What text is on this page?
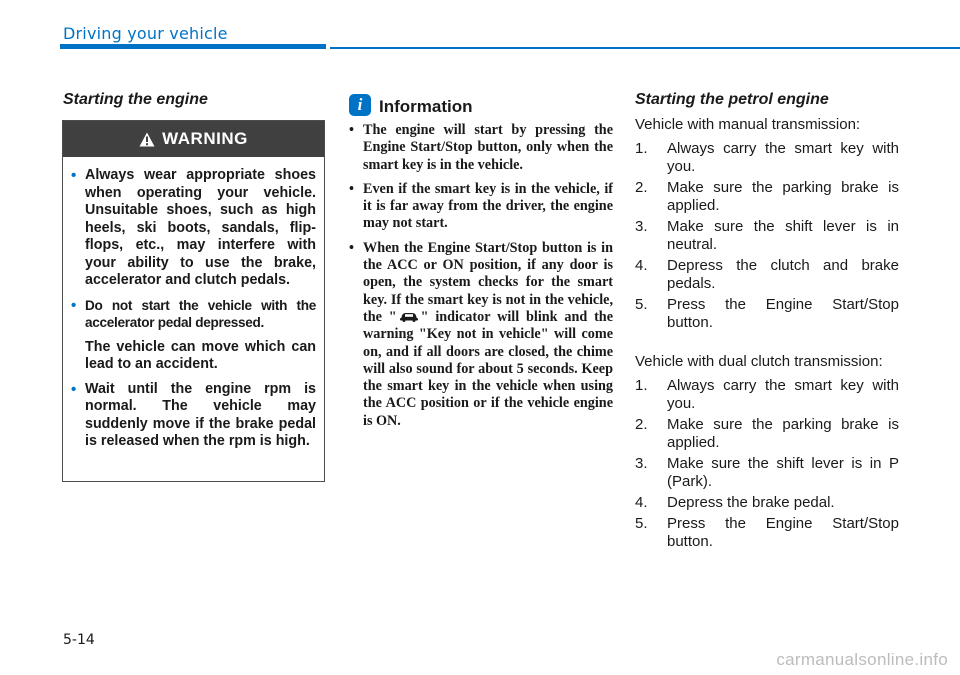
Driving your vehicle
Starting the engine
WARNING
• Always wear appropriate shoes when operating your vehicle. Unsuitable shoes, such as high heels, ski boots, sandals, flip-flops, etc., may interfere with your ability to use the brake, accelerator and clutch pedals.
• Do not start the vehicle with the accelerator pedal depressed.
The vehicle can move which can lead to an accident.
• Wait until the engine rpm is normal. The vehicle may suddenly move if the brake pedal is released when the rpm is high.
i Information
• The engine will start by pressing the Engine Start/Stop button, only when the smart key is in the vehicle.
• Even if the smart key is in the vehicle, if it is far away from the driver, the engine may not start.
• When the Engine Start/Stop button is in the ACC or ON position, if any door is open, the system checks for the smart key. If the smart key is not in the vehicle, the " " indicator will blink and the warning "Key not in vehicle" will come on, and if all doors are closed, the chime will also sound for about 5 seconds. Keep the smart key in the vehicle when using the ACC position or if the vehicle engine is ON.
Starting the petrol engine
Vehicle with manual transmission:
1. Always carry the smart key with you.
2. Make sure the parking brake is applied.
3. Make sure the shift lever is in neutral.
4. Depress the clutch and brake pedals.
5. Press the Engine Start/Stop button.
Vehicle with dual clutch transmission:
1. Always carry the smart key with you.
2. Make sure the parking brake is applied.
3. Make sure the shift lever is in P (Park).
4. Depress the brake pedal.
5. Press the Engine Start/Stop button.
5-14
carmanualsonline.info
